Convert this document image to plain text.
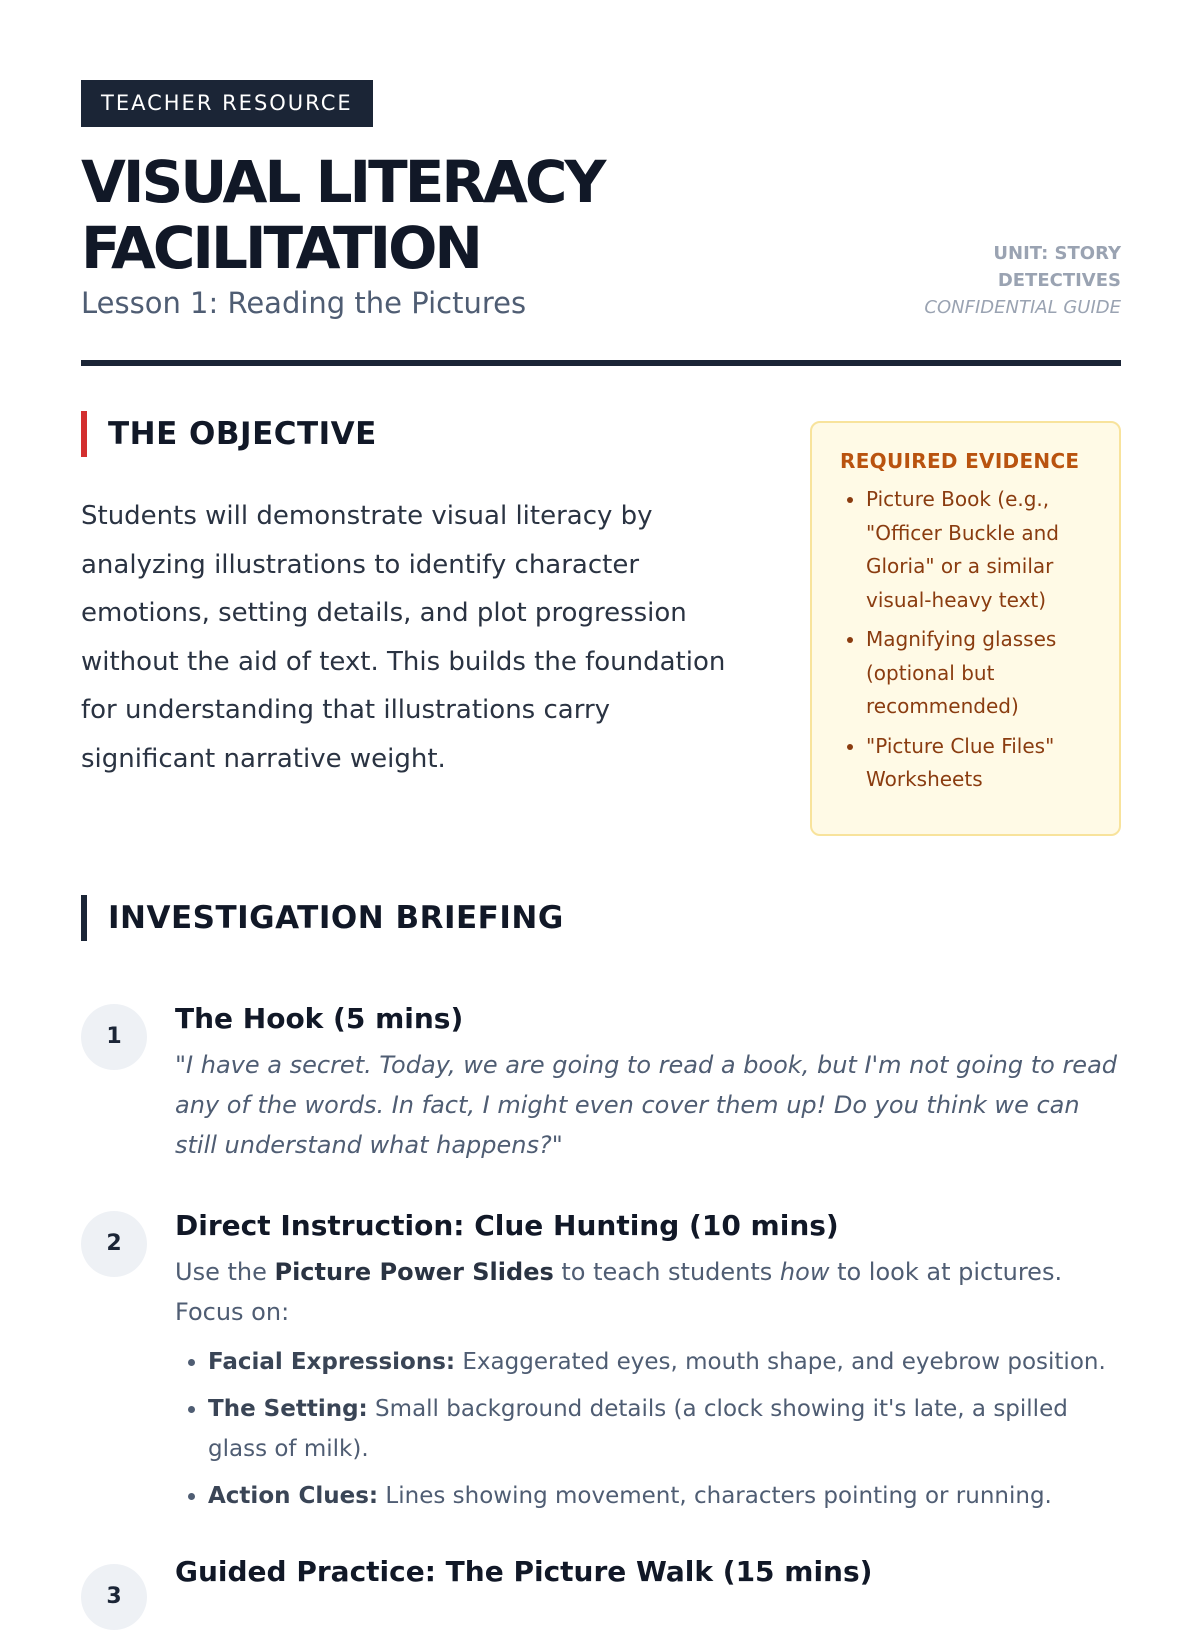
TEACHER RESOURCE
VISUAL LITERACY FACILITATION
Lesson 1: Reading the Pictures
UNIT: STORY
DETECTIVES
CONFIDENTIAL GUIDE
THE OBJECTIVE
Students will demonstrate visual literacy by analyzing illustrations to identify character emotions, setting details, and plot progression without the aid of text. This builds the foundation for understanding that illustrations carry significant narrative weight.
REQUIRED EVIDENCE
• Picture Book (e.g., "Officer Buckle and Gloria" or a similar visual-heavy text)
• Magnifying glasses (optional but recommended)
• "Picture Clue Files" Worksheets
INVESTIGATION BRIEFING
1
The Hook (5 mins)
"I have a secret. Today, we are going to read a book, but I'm not going to read any of the words. In fact, I might even cover them up! Do you think we can still understand what happens?"
2
Direct Instruction: Clue Hunting (10 mins)
Use the Picture Power Slides to teach students how to look at pictures. Focus on:
• Facial Expressions: Exaggerated eyes, mouth shape, and eyebrow position.
• The Setting: Small background details (a clock showing it's late, a spilled glass of milk).
• Action Clues: Lines showing movement, characters pointing or running.
3
Guided Practice: The Picture Walk (15 mins)
